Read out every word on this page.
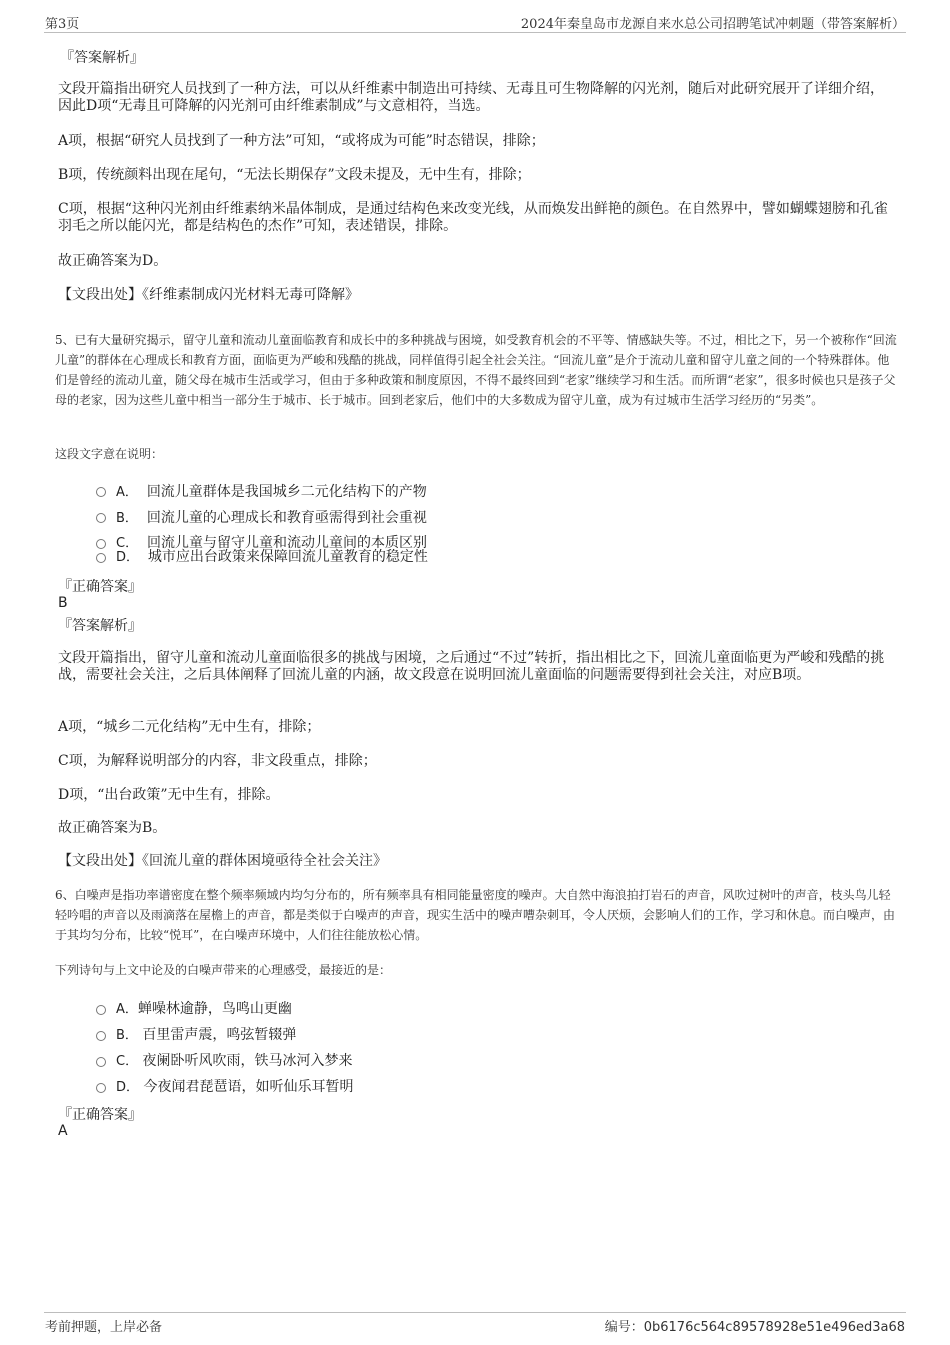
第3页	2024年秦皇岛市龙源自来水总公司招聘笔试冲刺题（带答案解析）
『答案解析』
文段开篇指出研究人员找到了一种方法，可以从纤维素中制造出可持续、无毒且可生物降解的闪光剂，随后对此研究展开了详细介绍，因此D项“无毒且可降解的闪光剂可由纤维素制成”与文意相符，当选。
A项，根据“研究人员找到了一种方法”可知，“或将成为可能”时态错误，排除；
B项，传统颜料出现在尾句，“无法长期保存”文段未提及，无中生有，排除；
C项，根据“这种闪光剂由纤维素纳米晶体制成，是通过结构色来改变光线，从而焕发出鲜艳的颜色。在自然界中，譬如蝴蝶翅膀和孔雀羽毛之所以能闪光，都是结构色的杰作”可知，表述错误，排除。
故正确答案为D。
【文段出处】《纤维素制成闪光材料无毒可降解》
5、已有大量研究揭示，留守儿童和流动儿童面临教育和成长中的多种挑战与困境，如受教育机会的不平等、情感缺失等。不过，相比之下，另一个被称作“回流儿童”的群体在心理成长和教育方面，面临更为严峻和残酷的挑战，同样值得引起全社会关注。“回流儿童”是介于流动儿童和留守儿童之间的一个特殊群体。他们是曾经的流动儿童，随父母在城市生活或学习，但由于多种政策和制度原因，不得不最终回到“老家”继续学习和生活。而所谓“老家”，很多时候也只是孩子父母的老家，因为这些儿童中相当一部分生于城市、长于城市。回到老家后，他们中的大多数成为留守儿童，成为有过城市生活学习经历的“另类”。
这段文字意在说明：
A． 回流儿童群体是我国城乡二元化结构下的产物
B． 回流儿童的心理成长和教育亟需得到社会重视
C． 回流儿童与留守儿童和流动儿童间的本质区别
D． 城市应出台政策来保障回流儿童教育的稳定性
『正确答案』
B
『答案解析』
文段开篇指出，留守儿童和流动儿童面临很多的挑战与困境，之后通过“不过”转折，指出相比之下，回流儿童面临更为严峻和残酷的挑战，需要社会关注，之后具体阐释了回流儿童的内涵，故文段意在说明回流儿童面临的问题需要得到社会关注，对应B项。
A项，“城乡二元化结构”无中生有，排除；
C项，为解释说明部分的内容，非文段重点，排除；
D项，“出台政策”无中生有，排除。
故正确答案为B。
【文段出处】《回流儿童的群体困境亟待全社会关注》
6、白噪声是指功率谱密度在整个频率频域内均匀分布的，所有频率具有相同能量密度的噪声。大自然中海浪拍打岩石的声音，风吹过树叶的声音，枝头鸟儿轻轻吟唱的声音以及雨滴落在屋檐上的声音，都是类似于白噪声的声音，现实生活中的噪声嘈杂刺耳，令人厌烦，会影响人们的工作，学习和休息。而白噪声，由于其均匀分布，比较“悦耳”，在白噪声环境中，人们往往能放松心情。
下列诗句与上文中论及的白噪声带来的心理感受，最接近的是：
A．蝉噪林逾静，鸟鸣山更幽
B． 百里雷声震，鸣弦暂辍弹
C． 夜阑卧听风吹雨，铁马冰河入梦来
D． 今夜闻君琵琶语，如听仙乐耳暂明
『正确答案』
A
考前押题，上岸必备	编号：0b6176c564c89578928e51e496ed3a68
